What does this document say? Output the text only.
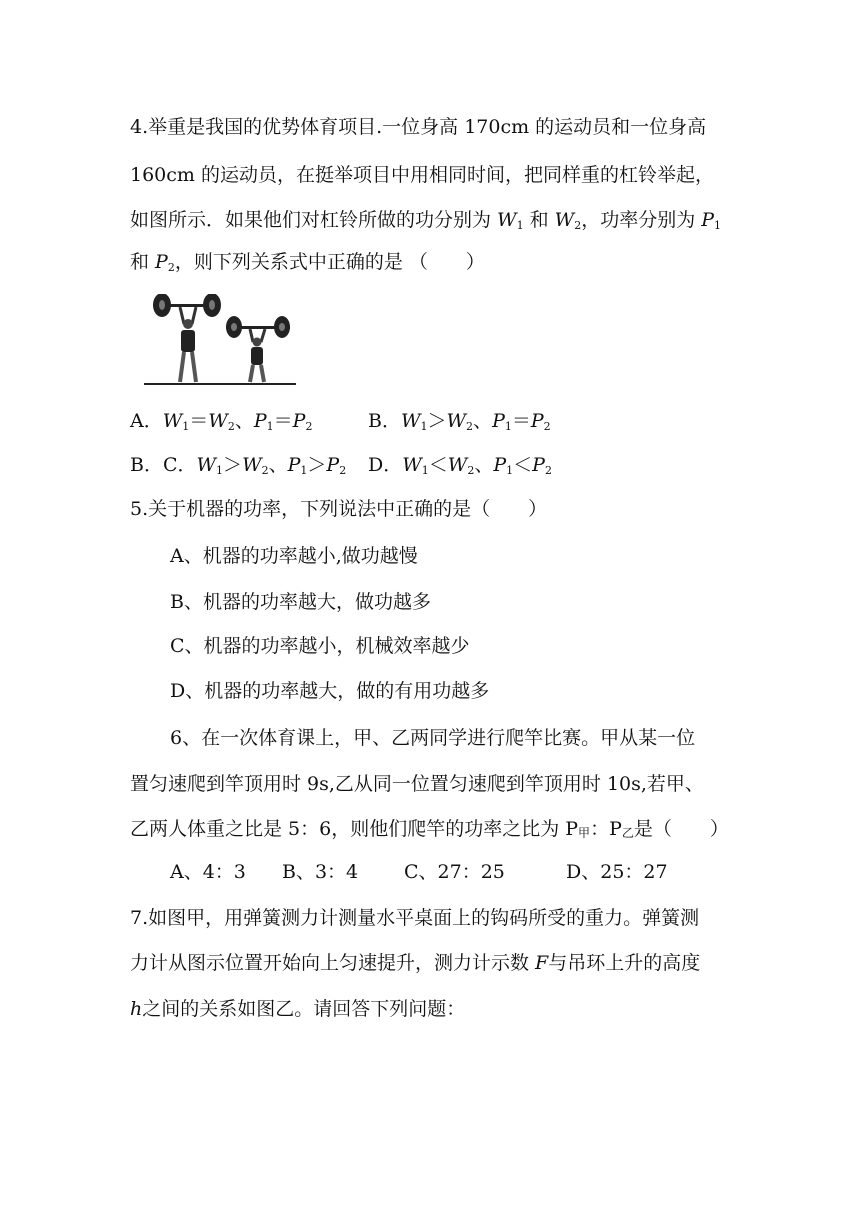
4.举重是我国的优势体育项目.一位身高 170cm 的运动员和一位身高
160cm 的运动员，在挺举项目中用相同时间，把同样重的杠铃举起，
如图所示．如果他们对杠铃所做的功分别为 $W_1$ 和 $W_2$，功率分别为 $P_1$
和 $P_2$，则下列关系式中正确的是 （　　）
A．$W_1=W_2$、$P_1=P_2$	B．$W_1>W_2$、$P_1=P_2$
B．C．$W_1>W_2$、$P_1>P_2$ D．$W_1<W_2$、$P_1<P_2$
5.关于机器的功率，下列说法中正确的是（　　）
A、机器的功率越小,做功越慢
B、机器的功率越大，做功越多
C、机器的功率越小，机械效率越少
D、机器的功率越大，做的有用功越多
6、在一次体育课上，甲、乙两同学进行爬竿比赛。甲从某一位
置匀速爬到竿顶用时 9s,乙从同一位置匀速爬到竿顶用时 10s,若甲、
乙两人体重之比是 5：6，则他们爬竿的功率之比为 P甲：P乙是（　　）
A、4：3 B、3：4 C、27：25	D、25：27
7.如图甲，用弹簧测力计测量水平桌面上的钩码所受的重力。弹簧测
力计从图示位置开始向上匀速提升，测力计示数 F与吊环上升的高度
h之间的关系如图乙。请回答下列问题：
